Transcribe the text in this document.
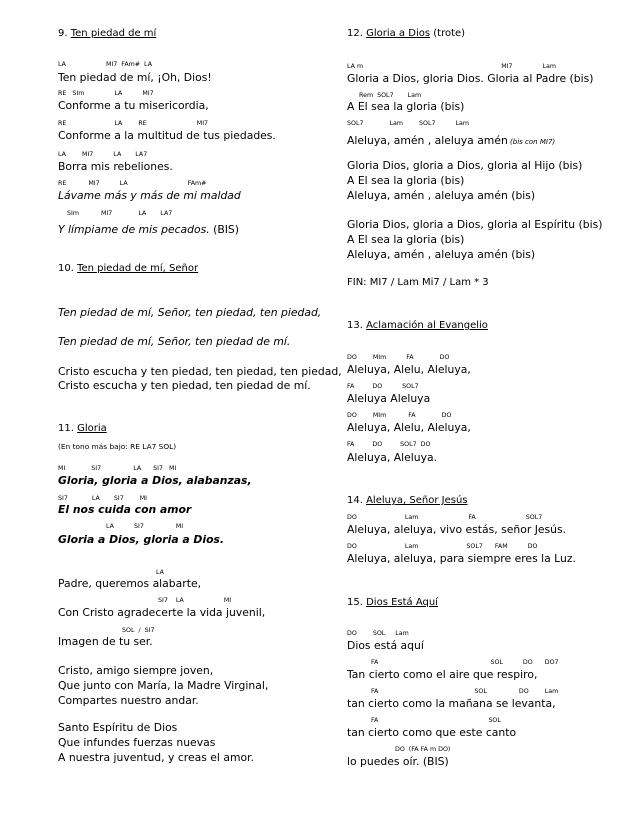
9. Ten piedad de mí
LA                    MI7  FAm#  LA
Ten piedad de mí, ¡Oh, Dios!
RE   SIm               LA          MI7
Conforme a tu misericordia,
RE                        LA        RE                         MI7
Conforme a la multitud de tus piedades.
LA        MI7          LA       LA7
Borra mis rebeliones.
RE           MI7          LA                              FAm#
Lávame más y más de mi maldad
SIm           MI7             LA       LA7
Y límpiame de mis pecados. (BIS)
10. Ten piedad de mí, Señor
Ten piedad de mí, Señor, ten piedad, ten piedad,
Ten piedad de mí, Señor, ten piedad de mí.
Cristo escucha y ten piedad, ten piedad, ten piedad,
Cristo escucha y ten piedad, ten piedad de mí.
11. Gloria
(En tono más bajo: RE LA7 SOL)
MI             SI7                LA      SI7   MI
Gloria, gloria a Dios, alabanzas,
SI7            LA       SI7        MI
El nos cuida con amor
LA          SI7                MI
Gloria a Dios, gloria a Dios.
LA
Padre, queremos alabarte,
SI7    LA                    MI
Con Cristo agradecerte la vida juvenil,
SOL  /  SI7
Imagen de tu ser.
Cristo, amigo siempre joven,
Que junto con María, la Madre Virginal,
Compartes nuestro andar.
Santo Espíritu de Dios
Que infundes fuerzas nuevas
A nuestra juventud, y creas el amor.
12. Gloria a Dios (trote)
LA m                                                                     MI7               Lam
Gloria a Dios, gloria Dios. Gloria al Padre (bis)
Rem  SOL7       Lam
A El sea la gloria (bis)
SOL7             Lam        SOL7          Lam
Aleluya, amén , aleluya amén (bis con MI7)
Gloria Dios, gloria a Dios, gloria al Hijo (bis)
A El sea la gloria (bis)
Aleluya, amén , aleluya amén (bis)
Gloria Dios, gloria a Dios, gloria al Espíritu (bis)
A El sea la gloria (bis)
Aleluya, amén , aleluya amén (bis)
FIN: MI7 / Lam Mi7 / Lam * 3
13. Aclamación al Evangelio
DO        MIm          FA             DO
Aleluya, Alelu, Aleluya,
FA         DO          SOL7
Aleluya Aleluya
DO        MIm           FA             DO
Aleluya, Alelu, Aleluya,
FA         DO         SOL7  DO
Aleluya, Aleluya.
14. Aleluya, Señor Jesús
DO                        Lam                         FA                         SOL7
Aleluya, aleluya, vivo estás, señor Jesús.
DO                        Lam                        SOL7      FAM          DO
Aleluya, aleluya, para siempre eres la Luz.
15. Dios Está Aquí
DO        SOL     Lam
Dios está aquí
FA                                                        SOL          DO      DO7
Tan cierto como el aire que respiro,
FA                                                SOL                DO        Lam
tan cierto como la mañana se levanta,
FA                                                       SOL
tan cierto como que este canto
DO  (FA FA m DO)
lo puedes oír. (BIS)
